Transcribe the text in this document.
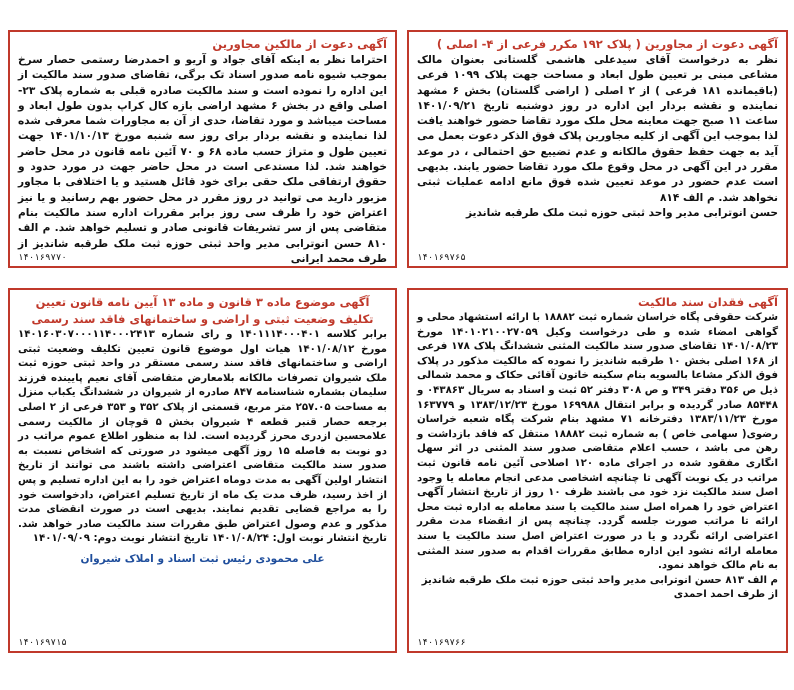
آگهی دعوت از مجاورین ( پلاک ۱۹۲ مکرر فرعی از ۴- اصلی )
نظر به درخواست آقای سیدعلی هاشمی گلستانی بعنوان مالک مشاعی مبنی بر تعیین طول ابعاد و مساحت جهت پلاک ۱۰۹۹ فرعی (باقیمانده ۱۸۱ فرعی ) از ۲ اصلی ( اراضی گلستان) بخش ۶ مشهد نماینده و نقشه بردار این اداره در روز دوشنبه تاریخ ۱۴۰۱/۰۹/۲۱ ساعت ۱۱ صبح جهت معاینه محل ملک مورد تقاضا حضور خواهند یافت لذا بموجب این آگهی از کلیه مجاورین پلاک فوق الذکر دعوت بعمل می آید به جهت حفظ حقوق مالکانه و عدم تضییع حق احتمالی ، در موعد مقرر در این آگهی در محل وقوع ملک مورد تقاضا حضور یابند. بدیهی است عدم حضور در موعد تعیین شده فوق مانع ادامه عملیات ثبتی نخواهد شد. م الف ۸۱۴
حسن انوترابی مدیر واحد ثبتی حوزه ثبت ملک طرقبه شاندیز
۱۴۰۱۶۹۷۶۵
آگهی دعوت از مالکین مجاورین
احتراما نظر به اینکه آقای جواد و آریو و احمدرضا رستمی حصار سرخ بموجب شیوه نامه صدور اسناد تک برگی، تقاضای صدور سند مالکیت از این اداره را نموده است و سند مالکیت صادره قبلی به شماره پلاک ۲۳- اصلی واقع در بخش ۶ مشهد اراضی بازه کال کراپ بدون طول ابعاد و مساحت میباشد و مورد تقاضا، حدی از آن به مجاورات شما معرفی شده لذا نماینده و نقشه بردار برای روز سه شنبه مورخ ۱۴۰۱/۱۰/۱۳ جهت تعیین طول و متراژ حسب ماده ۶۸ و ۷۰ آئین نامه قانون در محل حاضر خواهند شد. لذا مستدعی است در محل حاضر جهت در مورد حدود و حقوق ارتفاقی ملک حقی برای خود قائل هستید و یا اختلافی با مجاور مزبور دارید می توانید در روز مقرر در محل حضور بهم رسانید و یا نیز اعتراض خود را ظرف سی روز برابر مقررات اداره سند مالکیت بنام متقاضی پس از سر تشریفات قانونی صادر و تسلیم خواهد شد. م الف ۸۱۰ حسن انوترابی مدیر واحد ثبتی حوزه ثبت ملک طرقبه شاندیز از طرف محمد ایرانی
۱۴۰۱۶۹۷۷۰
آگهی فقدان سند مالکیت
شرکت حقوقی پگاه خراسان شماره ثبت ۱۸۸۸۲ با ارائه استشهاد محلی و گواهی امضاء شده و طی درخواست وکیل ۱۴۰۱۰۲۱۰۰۲۷۰۵۹ مورخ ۱۴۰۱/۰۸/۲۳ تقاضای صدور سند مالکیت المثنی ششدانگ پلاک ۱۷۸ فرعی از ۱۶۸ اصلی بخش ۱۰ طرقبه شاندیز را نموده که مالکیت مذکور در پلاک فوق الذکر مشاعا بالسویه بنام سکینه خاتون آقائی حکاک و محمد شمالی ذیل ص ۳۵۶ دفتر ۳۴۹ و ص ۳۰۸ دفتر ۵۲ ثبت و اسناد به سریال ۰۴۳۸۶۳ و ۸۵۴۴۸ صادر گردیده و برابر انتقال ۱۶۹۹۸۸ مورخ ۱۳۸۳/۱۲/۲۳ و ۱۶۳۷۷۹ مورخ ۱۳۸۳/۱۱/۲۳ دفترخانه ۷۱ مشهد بنام شرکت پگاه شعبه خراسان رضوی( سهامی خاص ) به شماره ثبت ۱۸۸۸۲ منتقل که فاقد بازداشت و رهن می باشد ، حسب اعلام متقاضی صدور سند المثنی در اثر سهل انگاری مفقود شده در اجرای ماده ۱۲۰ اصلاحی آئین نامه قانون ثبت مراتب در یک نوبت آگهی تا چنانچه اشخاصی مدعی انجام معامله یا وجود اصل سند مالکیت نزد خود می باشند ظرف ۱۰ روز از تاریخ انتشار آگهی اعتراض خود را همراه اصل سند مالکیت یا سند معامله به اداره ثبت محل ارائه تا مراتب صورت جلسه گردد. چنانچه پس از انقضاء مدت مقرر اعتراضی ارائه نگردد و یا در صورت اعتراض اصل سند مالکیت یا سند معامله ارائه نشود این اداره مطابق مقررات اقدام به صدور سند المثنی به نام مالک خواهد نمود.
م الف ۸۱۳ حسن انوترابی مدیر واحد ثبتی حوزه ثبت ملک طرقبه شاندیز از طرف احمد احمدی
۱۴۰۱۶۹۷۶۶
آگهی موضوع ماده ۳ قانون و ماده ۱۳ آیین نامه قانون تعیین تکلیف وضعیت ثبتی و اراضی و ساختمانهای فاقد سند رسمی
برابر کلاسه ۱۴۰۱۱۱۴۰۰۰۴۰۱ و رای شماره ۱۴۰۱۶۰۳۰۷۰۰۰۱۱۴۰۰۰۲۴۱۳ مورخ ۱۴۰۱/۰۸/۱۲ هیات اول موضوع قانون تعیین تکلیف وضعیت ثبتی اراضی و ساختمانهای فاقد سند رسمی مستقر در واحد ثبتی حوزه ثبت ملک شیروان تصرفات مالکانه بلامعارض متقاضی آقای نعیم پایینده فرزند سلیمان بشماره شناسنامه ۸۴۷ صادره از شیروان در ششدانگ یکباب منزل به مساحت ۲۵۷.۰۵ متر مربع، قسمتی از پلاک ۳۵۲ و ۳۵۳ فرعی از ۲ اصلی برجعه حصار قنبر قطعه ۴ شیروان بخش ۵ قوچان از مالکیت رسمی علامحسین ازدری محرز گردیده است. لذا به منظور اطلاع عموم مراتب در دو نوبت به فاصله ۱۵ روز آگهی میشود در صورتی که اشخاص نسبت به صدور سند مالکیت متقاضی اعتراضی داشته باشند می توانند از تاریخ انتشار اولین آگهی به مدت دوماه اعتراض خود را به این اداره تسلیم و پس از اخذ رسید، ظرف مدت یک ماه از تاریخ تسلیم اعتراض، دادخواست خود را به مراجع قضایی تقدیم نمایند. بدیهی است در صورت انقضای مدت مذکور و عدم وصول اعتراض طبق مقررات سند مالکیت صادر خواهد شد. تاریخ انتشار نوبت اول: ۱۴۰۱/۰۸/۲۴ تاریخ انتشار نوبت دوم: ۱۴۰۱/۰۹/۰۹
علی محمودی رئیس ثبت اسناد و املاک شیروان
۱۴۰۱۶۹۷۱۵
